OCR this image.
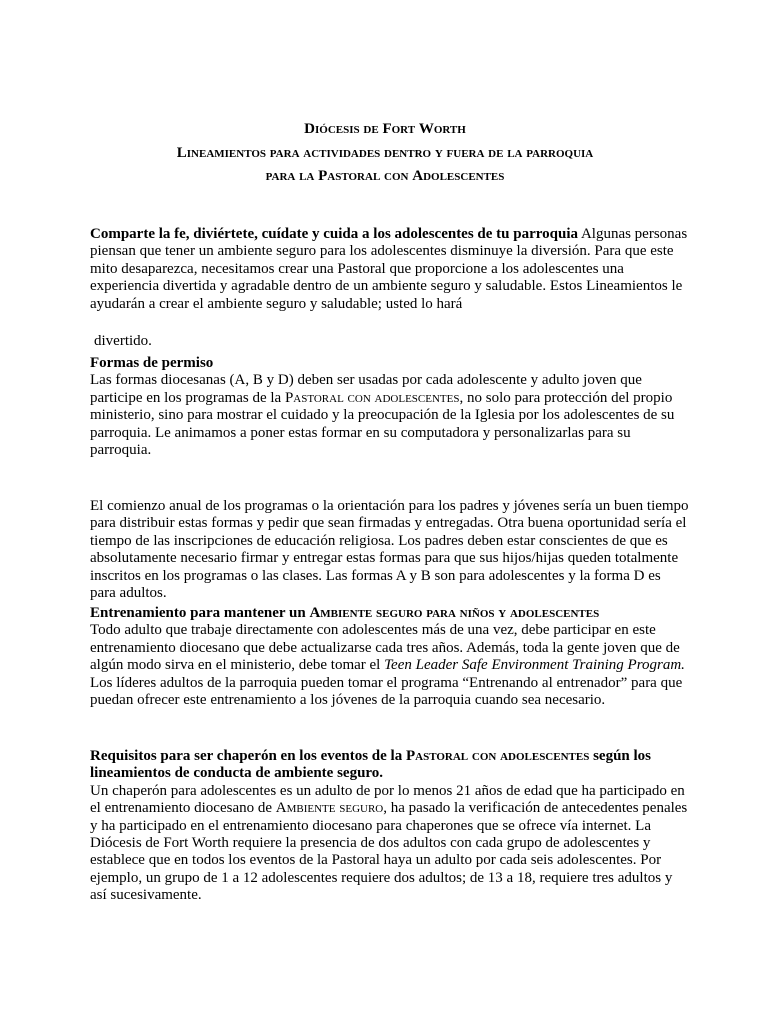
Diócesis de Fort Worth
Lineamientos para actividades dentro y fuera de la parroquia
para la Pastoral con Adolescentes

Comparte la fe, diviértete, cuídate y cuida a los adolescentes de tu parroquia Algunas personas piensan que tener un ambiente seguro para los adolescentes disminuye la diversión. Para que este mito desaparezca, necesitamos crear una Pastoral que proporcione a los adolescentes una experiencia divertida y agradable dentro de un ambiente seguro y saludable. Estos Lineamientos le ayudarán a crear el ambiente seguro y saludable; usted lo hará

divertido.

Formas de permiso

Las formas diocesanas (A, B y D) deben ser usadas por cada adolescente y adulto joven que participe en los programas de la Pastoral con adolescentes, no solo para protección del propio ministerio, sino para mostrar el cuidado y la preocupación de la Iglesia por los adolescentes de su parroquia. Le animamos a poner estas formar en su computadora y personalizarlas para su parroquia.

El comienzo anual de los programas o la orientación para los padres y jóvenes sería un buen tiempo para distribuir estas formas y pedir que sean firmadas y entregadas. Otra buena oportunidad sería el tiempo de las inscripciones de educación religiosa. Los padres deben estar conscientes de que es absolutamente necesario firmar y entregar estas formas para que sus hijos/hijas queden totalmente inscritos en los programas o las clases. Las formas A y B son para adolescentes y la forma D es para adultos.

Entrenamiento para mantener un Ambiente seguro para niños y adolescentes

Todo adulto que trabaje directamente con adolescentes más de una vez, debe participar en este entrenamiento diocesano que debe actualizarse cada tres años. Además, toda la gente joven que de algún modo sirva en el ministerio, debe tomar el Teen Leader Safe Environment Training Program. Los líderes adultos de la parroquia pueden tomar el programa “Entrenando al entrenador” para que puedan ofrecer este entrenamiento a los jóvenes de la parroquia cuando sea necesario.

Requisitos para ser chaperón en los eventos de la Pastoral con adolescentes según los lineamientos de conducta de ambiente seguro.

Un chaperón para adolescentes es un adulto de por lo menos 21 años de edad que ha participado en el entrenamiento diocesano de Ambiente seguro, ha pasado la verificación de antecedentes penales y ha participado en el entrenamiento diocesano para chaperones que se ofrece vía internet. La Diócesis de Fort Worth requiere la presencia de dos adultos con cada grupo de adolescentes y establece que en todos los eventos de la Pastoral haya un adulto por cada seis adolescentes. Por ejemplo, un grupo de 1 a 12 adolescentes requiere dos adultos; de 13 a 18, requiere tres adultos y así sucesivamente.
